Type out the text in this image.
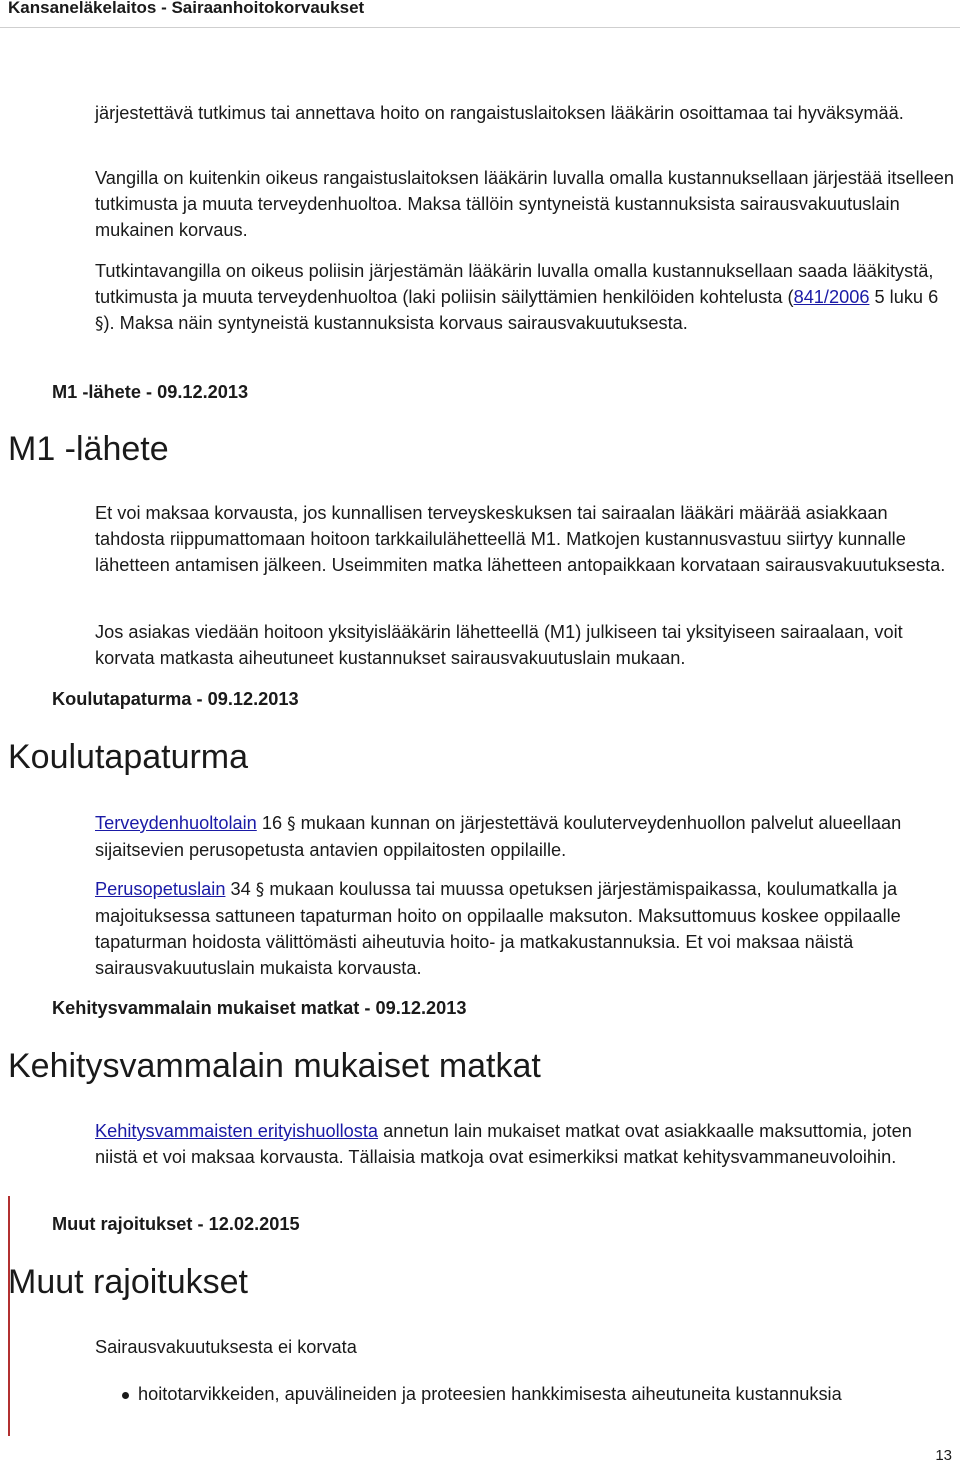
Kansaneläkelaitos - Sairaanhoitokorvaukset

järjestettävä tutkimus tai annettava hoito on rangaistuslaitoksen lääkärin osoittamaa tai hyväksymää.

Vangilla on kuitenkin oikeus rangaistuslaitoksen lääkärin luvalla omalla kustannuksellaan järjestää itselleen tutkimusta ja muuta terveydenhuoltoa. Maksa tällöin syntyneistä kustannuksista sairausvakuutuslain mukainen korvaus.

Tutkintavangilla on oikeus poliisin järjestämän lääkärin luvalla omalla kustannuksellaan saada lääkitystä, tutkimusta ja muuta terveydenhuoltoa (laki poliisin säilyttämien henkilöiden kohtelusta (841/2006 5 luku 6 §). Maksa näin syntyneistä kustannuksista korvaus sairausvakuutuksesta.

M1 -lähete - 09.12.2013
M1 -lähete

Et voi maksaa korvausta, jos kunnallisen terveyskeskuksen tai sairaalan lääkäri määrää asiakkaan tahdosta riippumattomaan hoitoon tarkkailulähetteellä M1. Matkojen kustannusvastuu siirtyy kunnalle lähetteen antamisen jälkeen. Useimmiten matka lähetteen antopaikkaan korvataan sairausvakuutuksesta.

Jos asiakas viedään hoitoon yksityislääkärin lähetteellä (M1) julkiseen tai yksityiseen sairaalaan, voit korvata matkasta aiheutuneet kustannukset sairausvakuutuslain mukaan.

Koulutapaturma - 09.12.2013
Koulutapaturma

Terveydenhuoltolain 16 § mukaan kunnan on järjestettävä kouluterveydenhuollon palvelut alueellaan sijaitsevien perusopetusta antavien oppilaitosten oppilaille.

Perusopetuslain 34 § mukaan koulussa tai muussa opetuksen järjestämispaikassa, koulumatkalla ja majoituksessa sattuneen tapaturman hoito on oppilaalle maksuton. Maksuttomuus koskee oppilaalle tapaturman hoidosta välittömästi aiheutuvia hoito- ja matkakustannuksia. Et voi maksaa näistä sairausvakuutuslain mukaista korvausta.

Kehitysvammalain mukaiset matkat - 09.12.2013
Kehitysvammalain mukaiset matkat

Kehitysvammaisten erityishuollosta annetun lain mukaiset matkat ovat asiakkaalle maksuttomia, joten niistä et voi maksaa korvausta. Tällaisia matkoja ovat esimerkiksi matkat kehitysvammaneuvoloihin.

Muut rajoitukset - 12.02.2015
Muut rajoitukset

Sairausvakuutuksesta ei korvata

hoitotarvikkeiden, apuvälineiden ja proteesien hankkimisesta aiheutuneita kustannuksia

13
